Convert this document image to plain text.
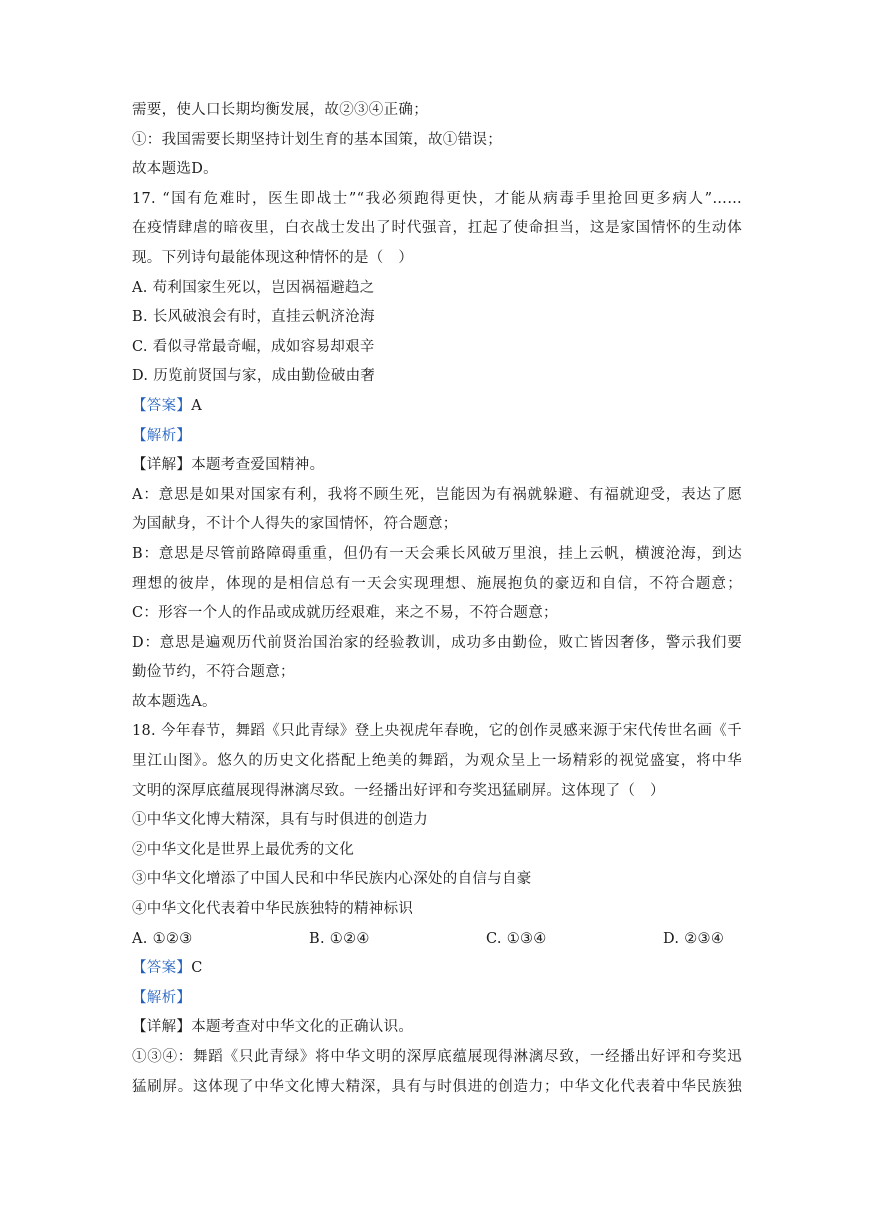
需要，使人口长期均衡发展，故②③④正确；
①：我国需要长期坚持计划生育的基本国策，故①错误；
故本题选D。
17. “国有危难时，医生即战士”“我必须跑得更快，才能从病毒手里抢回更多病人”……
在疫情肆虐的暗夜里，白衣战士发出了时代强音，扛起了使命担当，这是家国情怀的生动体
现。下列诗句最能体现这种情怀的是（　）
A. 苟利国家生死以，岂因祸福避趋之
B. 长风破浪会有时，直挂云帆济沧海
C. 看似寻常最奇崛，成如容易却艰辛
D. 历览前贤国与家，成由勤俭破由奢
【答案】A
【解析】
【详解】本题考查爱国精神。
A：意思是如果对国家有利，我将不顾生死，岂能因为有祸就躲避、有福就迎受，表达了愿
为国献身，不计个人得失的家国情怀，符合题意；
B：意思是尽管前路障碍重重，但仍有一天会乘长风破万里浪，挂上云帆，横渡沧海，到达
理想的彼岸，体现的是相信总有一天会实现理想、施展抱负的豪迈和自信，不符合题意；
C：形容一个人的作品或成就历经艰难，来之不易，不符合题意；
D：意思是遍观历代前贤治国治家的经验教训，成功多由勤俭，败亡皆因奢侈，警示我们要
勤俭节约，不符合题意；
故本题选A。
18. 今年春节，舞蹈《只此青绿》登上央视虎年春晚，它的创作灵感来源于宋代传世名画《千
里江山图》。悠久的历史文化搭配上绝美的舞蹈，为观众呈上一场精彩的视觉盛宴，将中华
文明的深厚底蕴展现得淋漓尽致。一经播出好评和夸奖迅猛刷屏。这体现了（　）
①中华文化博大精深，具有与时俱进的创造力
②中华文化是世界上最优秀的文化
③中华文化增添了中国人民和中华民族内心深处的自信与自豪
④中华文化代表着中华民族独特的精神标识
A. ①②③	B. ①②④	C. ①③④	D. ②③④
【答案】C
【解析】
【详解】本题考查对中华文化的正确认识。
①③④：舞蹈《只此青绿》将中华文明的深厚底蕴展现得淋漓尽致，一经播出好评和夸奖迅
猛刷屏。这体现了中华文化博大精深，具有与时俱进的创造力；中华文化代表着中华民族独
